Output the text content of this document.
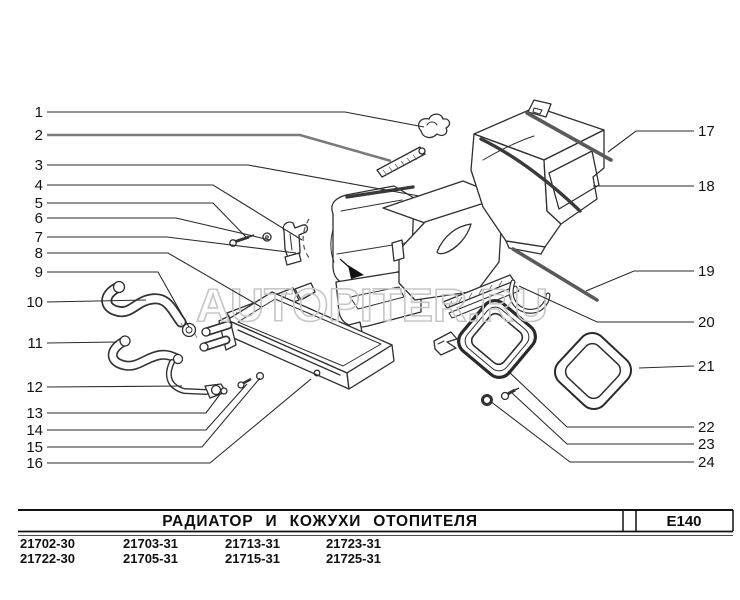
AUTOPITER.RU
1
2
3
4
5
6
7
8
9
10
11
12
13
14
15
16
17
18
19
20
21
22
23
24
РАДИАТОР И КОЖУХИ ОТОПИТЕЛЯ	E140
21702-30	21703-31	21713-31	21723-31
21722-30	21705-31	21715-31	21725-31
